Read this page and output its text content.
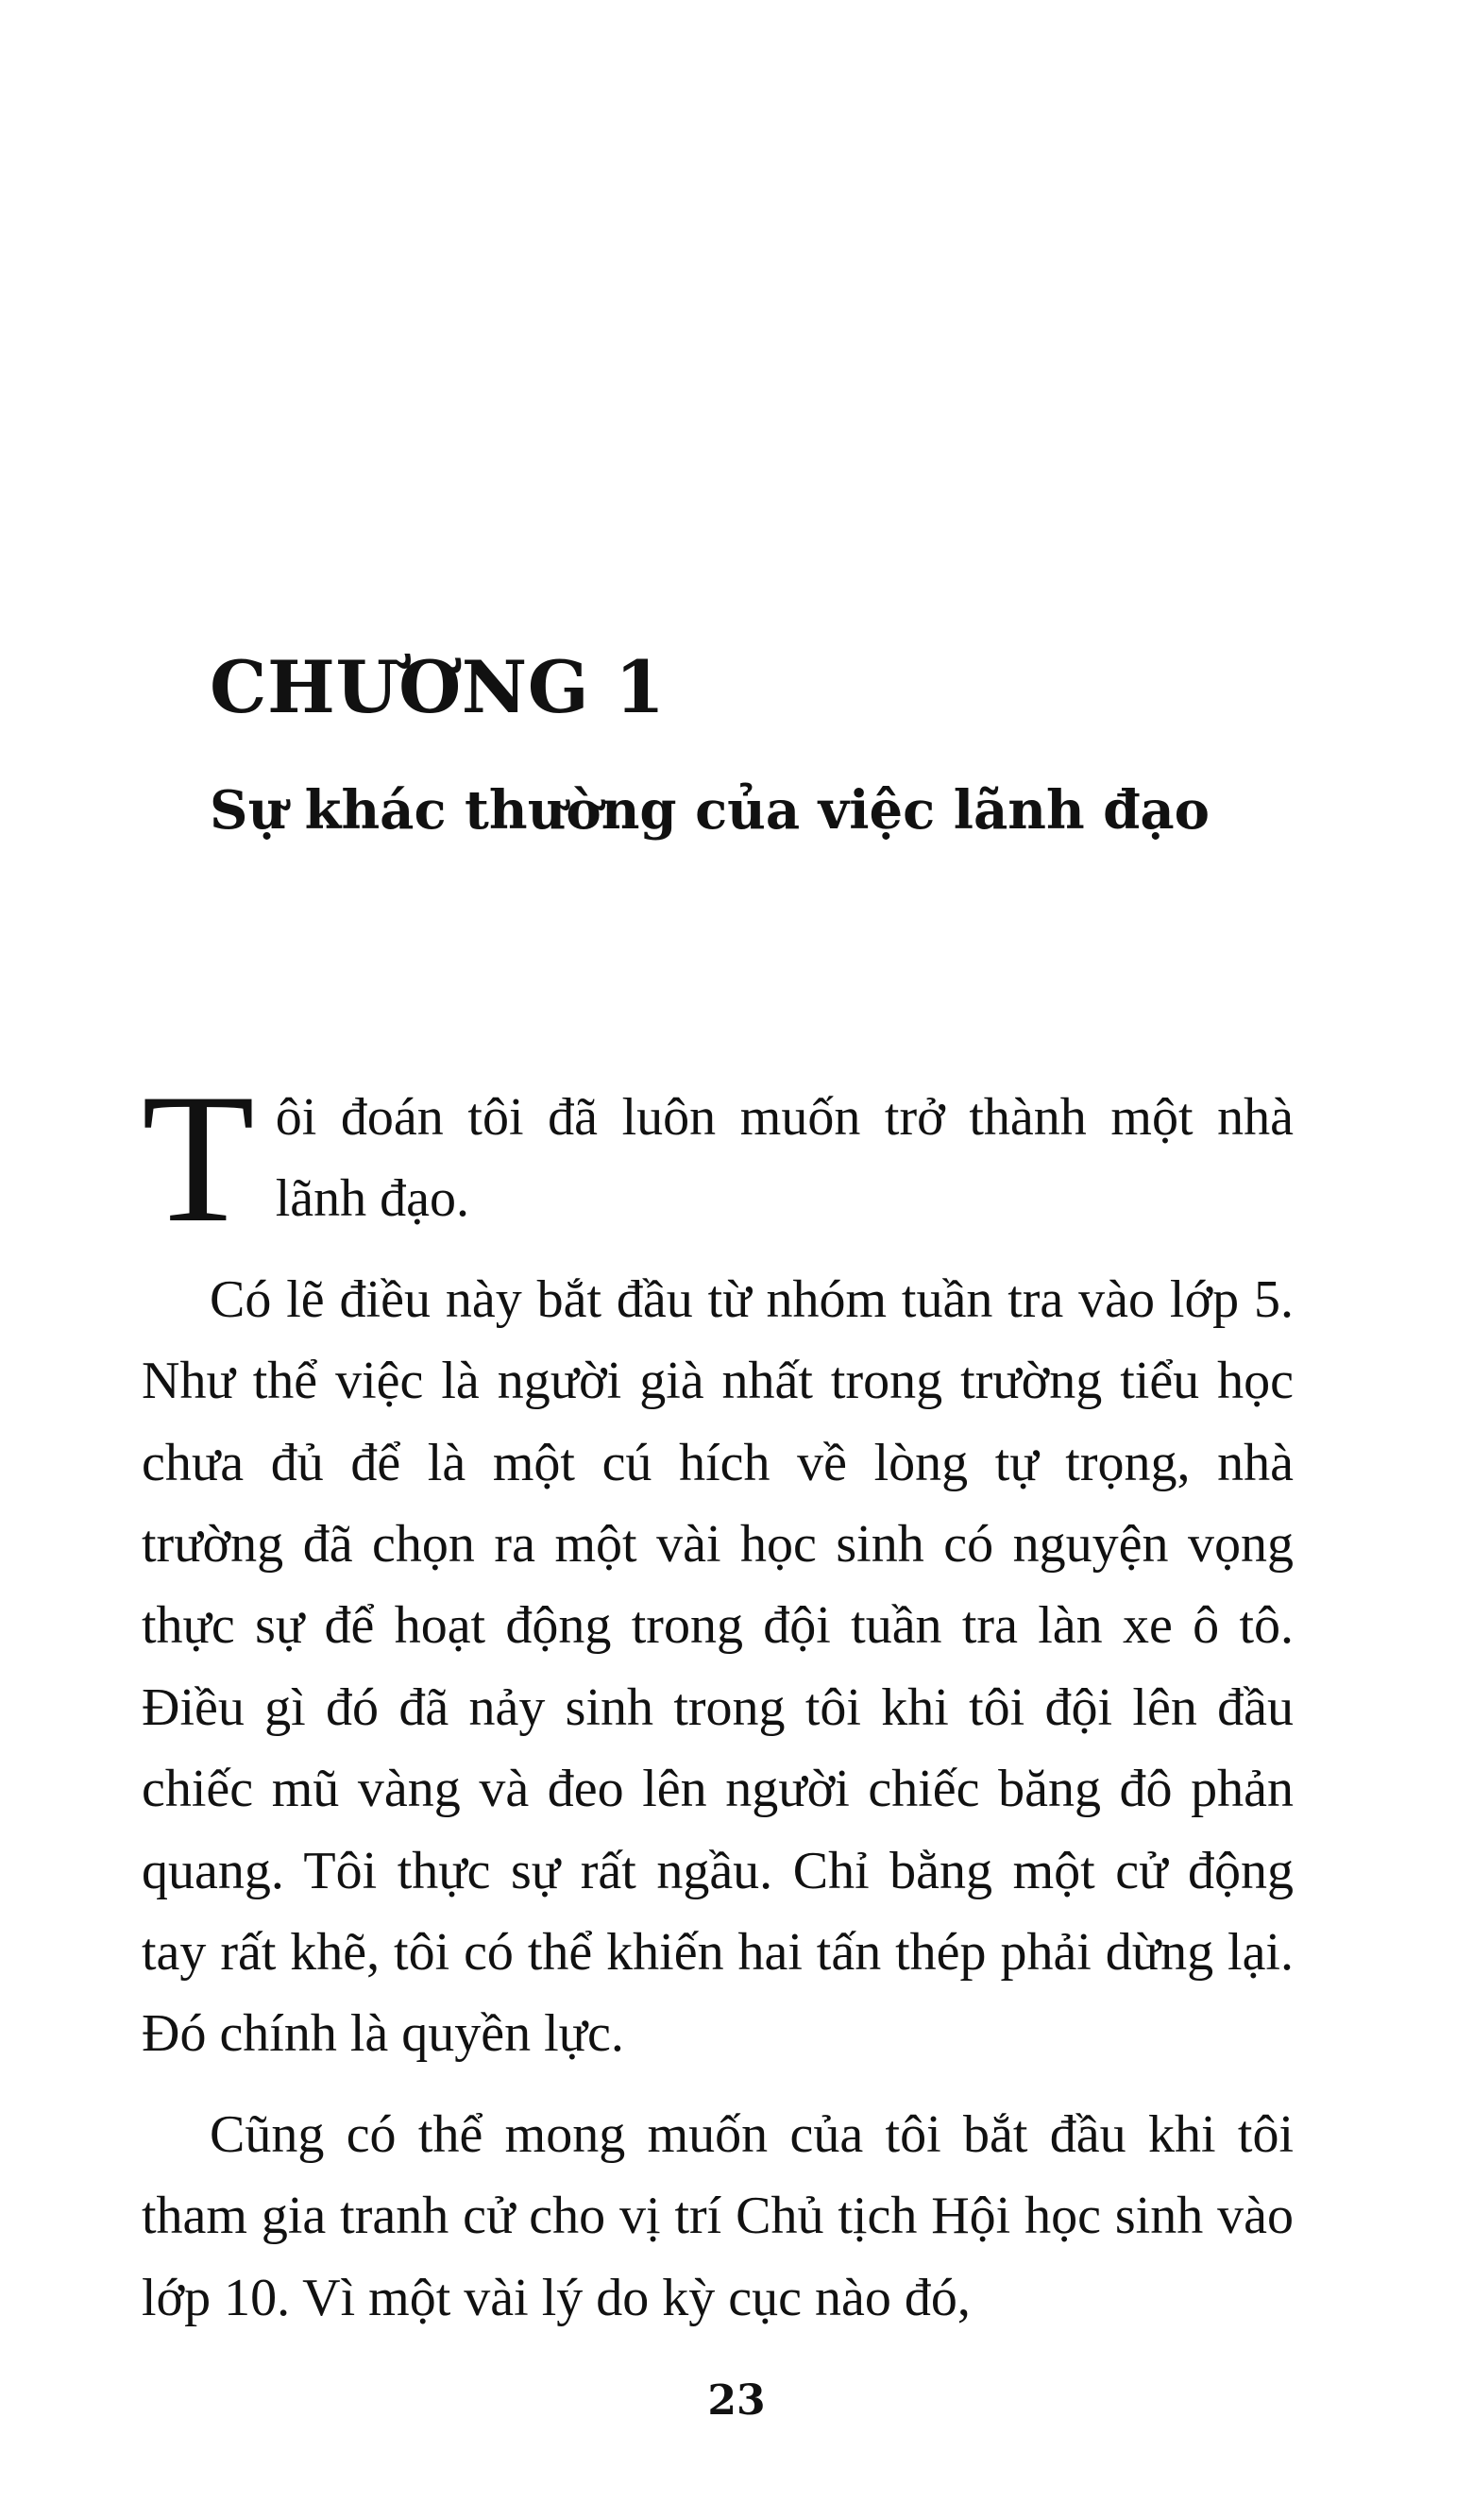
CHƯƠNG 1
Sự khác thường của việc lãnh đạo

Tôi đoán tôi đã luôn muốn trở thành một nhà lãnh đạo.

Có lẽ điều này bắt đầu từ nhóm tuần tra vào lớp 5. Như thể việc là người già nhất trong trường tiểu học chưa đủ để là một cú hích về lòng tự trọng, nhà trường đã chọn ra một vài học sinh có nguyện vọng thực sự để hoạt động trong đội tuần tra làn xe ô tô. Điều gì đó đã nảy sinh trong tôi khi tôi đội lên đầu chiếc mũ vàng và đeo lên người chiếc băng đô phản quang. Tôi thực sự rất ngầu. Chỉ bằng một cử động tay rất khẽ, tôi có thể khiến hai tấn thép phải dừng lại. Đó chính là quyền lực.

Cũng có thể mong muốn của tôi bắt đầu khi tôi tham gia tranh cử cho vị trí Chủ tịch Hội học sinh vào lớp 10. Vì một vài lý do kỳ cục nào đó,

23
